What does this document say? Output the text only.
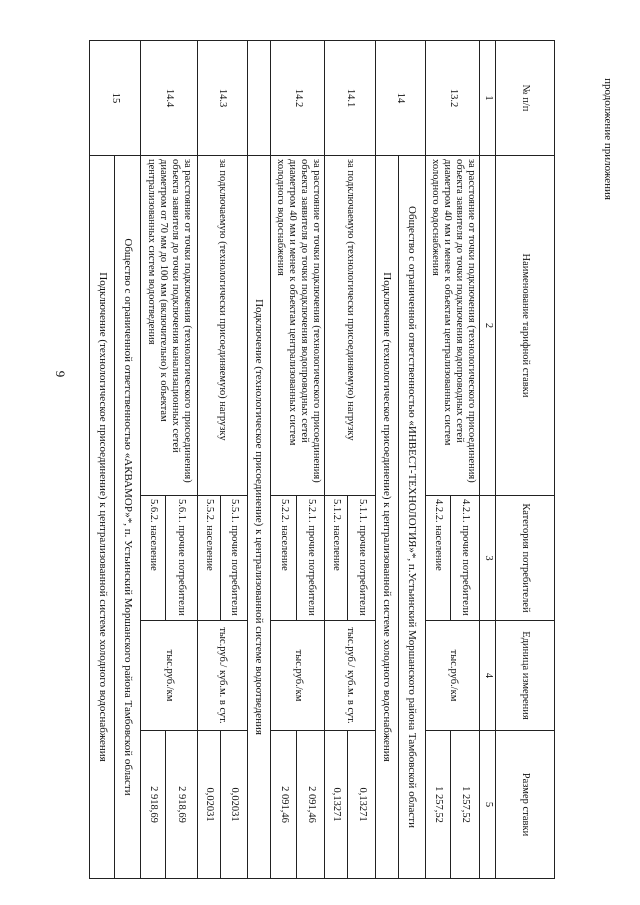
9
продолжение приложения
№ п/п	Наименование тарифной ставки	Категория потребителей	Единица измерения	Размер ставки
1	2	3	4	5
13.2	за расстояние от точки подключения (технологического присоединения) объекта заявителя до точки подключения водопроводных сетей диаметром 40 мм и менее к объектам централизованных систем холодного водоснабжения	4.2.1. прочие потребители	тыс.руб./км	1 257,52
		4.2.2. население		1 257,52
14	Общество с ограниченной ответственностью «ИНВЕСТ-ТЕХНОЛОГИЯ»*, п.Устьинский Моршанского района Тамбовской области			
	Подключение (технологическое присоединение) к централизованной системе холодного водоснабжения			
14.1	за подключаемую (технологически присоединяемую) нагрузку	5.1.1. прочие потребители	тыс.руб./ куб.м. в сут.	0,13271
		5.1.2. население		0,13271
14.2	за расстояние от точки подключения (технологического присоединения) объекта заявителя до точки подключения водопроводных сетей диаметром 40 мм и менее к объектам централизованных систем холодного водоснабжения	5.2.1. прочие потребители	тыс.руб./км	2 091,46
		5.2.2. население		2 091,46
	Подключение (технологическое присоединение) к централизованной системе водоотведения			
14.3	за подключаемую (технологически присоединяемую) нагрузку	5.5.1. прочие потребители	тыс.руб./ куб.м. в сут.	0,02031
		5.5.2. население		0,02031
14.4	за расстояние от точки подключения (технологического присоединения) объекта заявителя до точки подключения канализационных сетей диаметром от 70 мм до 100 мм (включительно) к объектам централизованных систем водоотведения	5.6.1. прочие потребители	тыс.руб./км	2 918,69
		5.6.2. население		2 918,69
15	Общество с ограниченной ответственностью «АКВАМОР»*, п. Устьинский Моршанского района Тамбовской области			
	Подключение (технологическое присоединение) к централизованной системе холодного водоснабжения			
